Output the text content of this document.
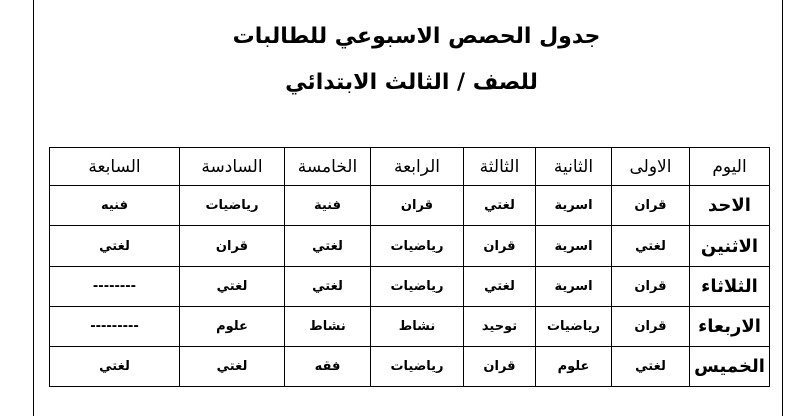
جدول الحصص الاسبوعي للطالبات
للصف / الثالث الابتدائي
اليوم	الاولى	الثانية	الثالثة	الرابعة	الخامسة	السادسة	السابعة
الاحد	قران	اسرية	لغتي	قران	فنية	رياضيات	فنيه
الاثنين	لغتي	اسرية	قران	رياضيات	لغتي	قران	لغتي
الثلاثاء	قران	اسرية	لغتي	رياضيات	لغتي	لغتي	--------
الاربعاء	قران	رياضيات	توحيد	نشاط	نشاط	علوم	---------
الخميس	لغتي	علوم	قران	رياضيات	فقه	لغتي	لغتي
